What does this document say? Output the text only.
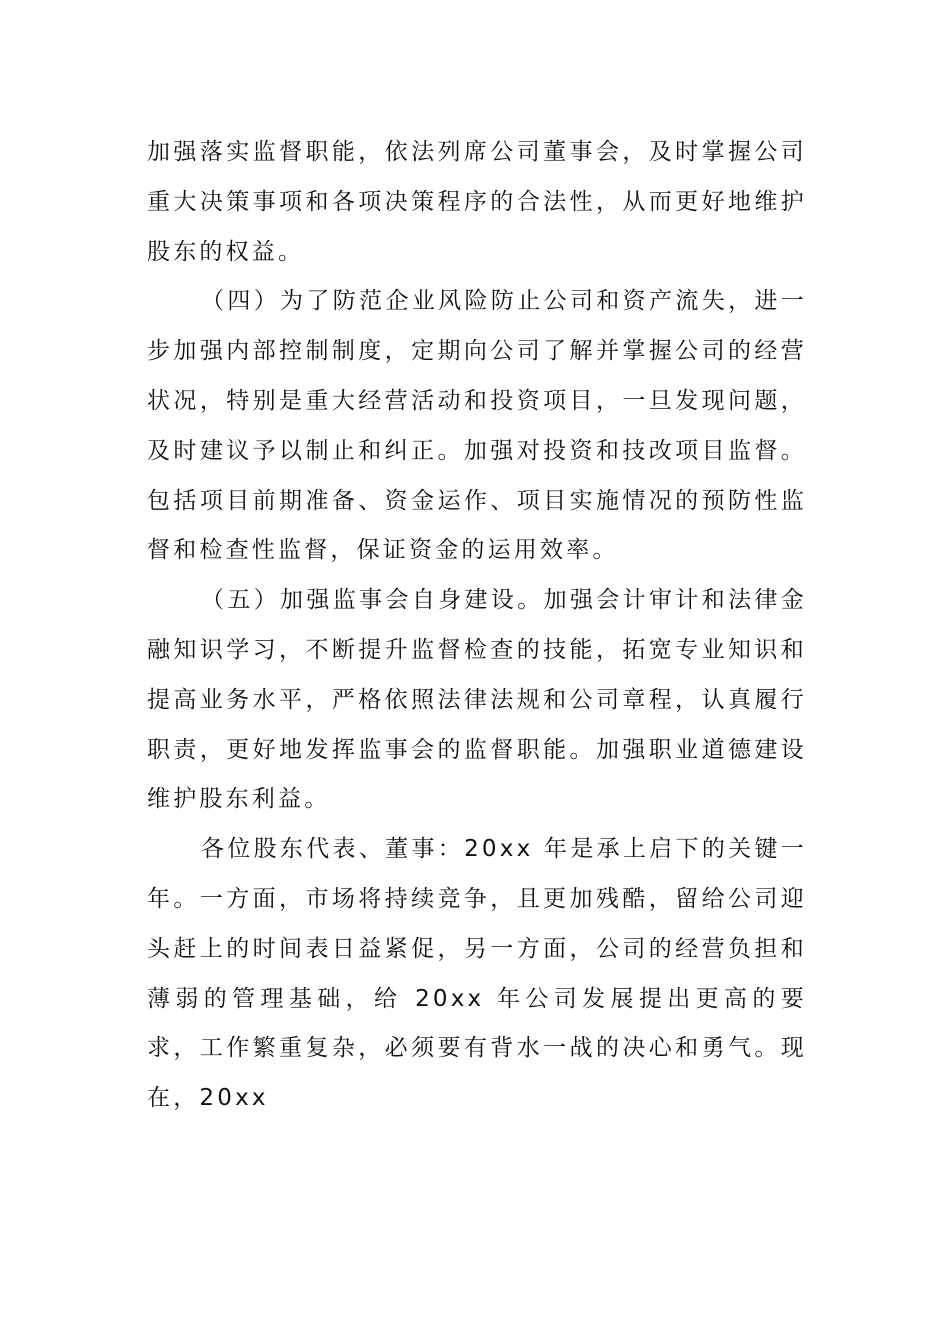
加强落实监督职能，依法列席公司董事会，及时掌握公司重大决策事项和各项决策程序的合法性，从而更好地维护股东的权益。

（四）为了防范企业风险防止公司和资产流失，进一步加强内部控制制度，定期向公司了解并掌握公司的经营状况，特别是重大经营活动和投资项目，一旦发现问题，及时建议予以制止和纠正。加强对投资和技改项目监督。包括项目前期准备、资金运作、项目实施情况的预防性监督和检查性监督，保证资金的运用效率。

（五）加强监事会自身建设。加强会计审计和法律金融知识学习，不断提升监督检查的技能，拓宽专业知识和提高业务水平，严格依照法律法规和公司章程，认真履行职责，更好地发挥监事会的监督职能。加强职业道德建设维护股东利益。

各位股东代表、董事：20xx 年是承上启下的关键一年。一方面，市场将持续竞争，且更加残酷，留给公司迎头赶上的时间表日益紧促，另一方面，公司的经营负担和薄弱的管理基础，给 20xx 年公司发展提出更高的要求，工作繁重复杂，必须要有背水一战的决心和勇气。现在，20xx
